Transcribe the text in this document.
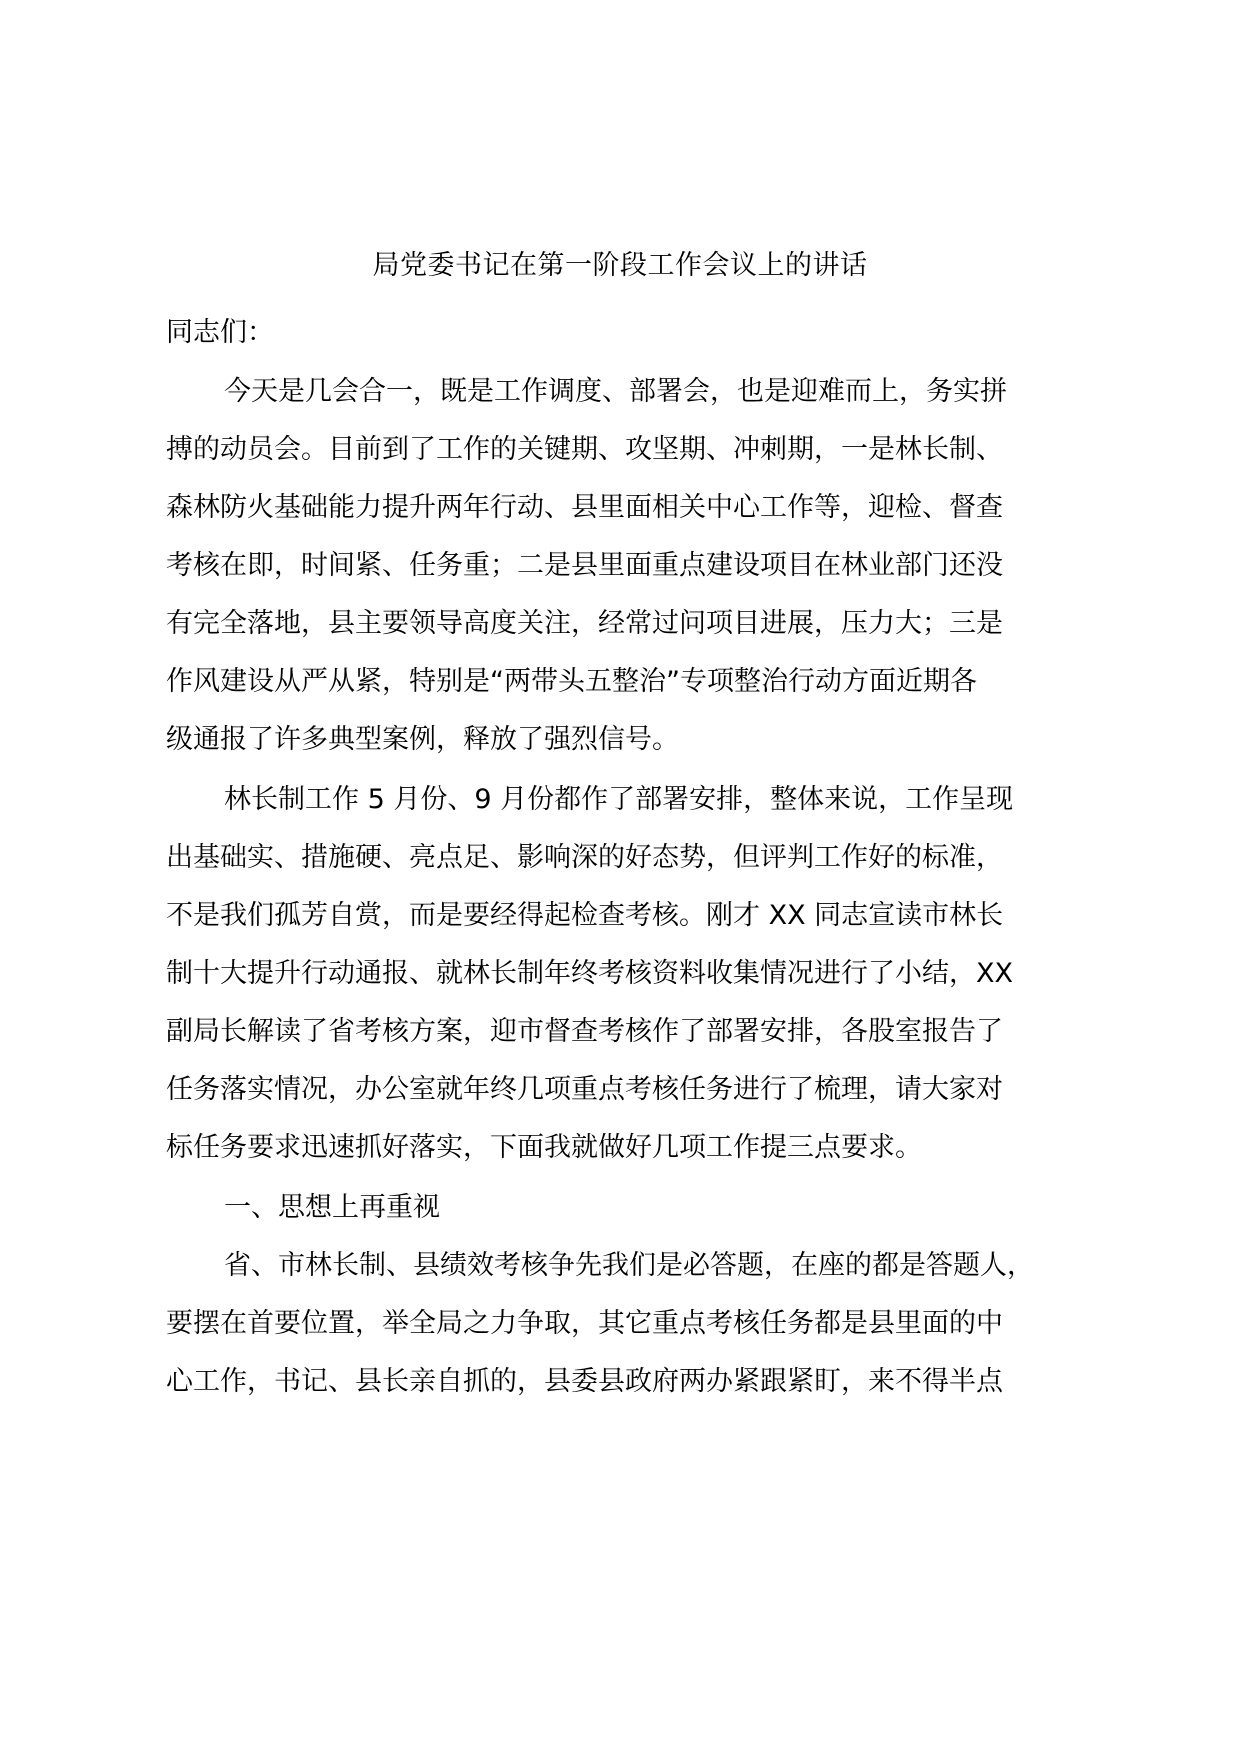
局党委书记在第一阶段工作会议上的讲话

同志们：

今天是几会合一，既是工作调度、部署会，也是迎难而上，务实拼

搏的动员会。目前到了工作的关键期、攻坚期、冲刺期，一是林长制、

森林防火基础能力提升两年行动、县里面相关中心工作等，迎检、督查

考核在即，时间紧、任务重；二是县里面重点建设项目在林业部门还没

有完全落地，县主要领导高度关注，经常过问项目进展，压力大；三是

作风建设从严从紧，特别是“两带头五整治”专项整治行动方面近期各

级通报了许多典型案例，释放了强烈信号。

林长制工作 5 月份、9 月份都作了部署安排，整体来说，工作呈现

出基础实、措施硬、亮点足、影响深的好态势，但评判工作好的标准，

不是我们孤芳自赏，而是要经得起检查考核。刚才 XX 同志宣读市林长

制十大提升行动通报、就林长制年终考核资料收集情况进行了小结，XX

副局长解读了省考核方案，迎市督查考核作了部署安排，各股室报告了

任务落实情况，办公室就年终几项重点考核任务进行了梳理，请大家对

标任务要求迅速抓好落实，下面我就做好几项工作提三点要求。

一、思想上再重视

省、市林长制、县绩效考核争先我们是必答题，在座的都是答题人，

要摆在首要位置，举全局之力争取，其它重点考核任务都是县里面的中

心工作，书记、县长亲自抓的，县委县政府两办紧跟紧盯，来不得半点
